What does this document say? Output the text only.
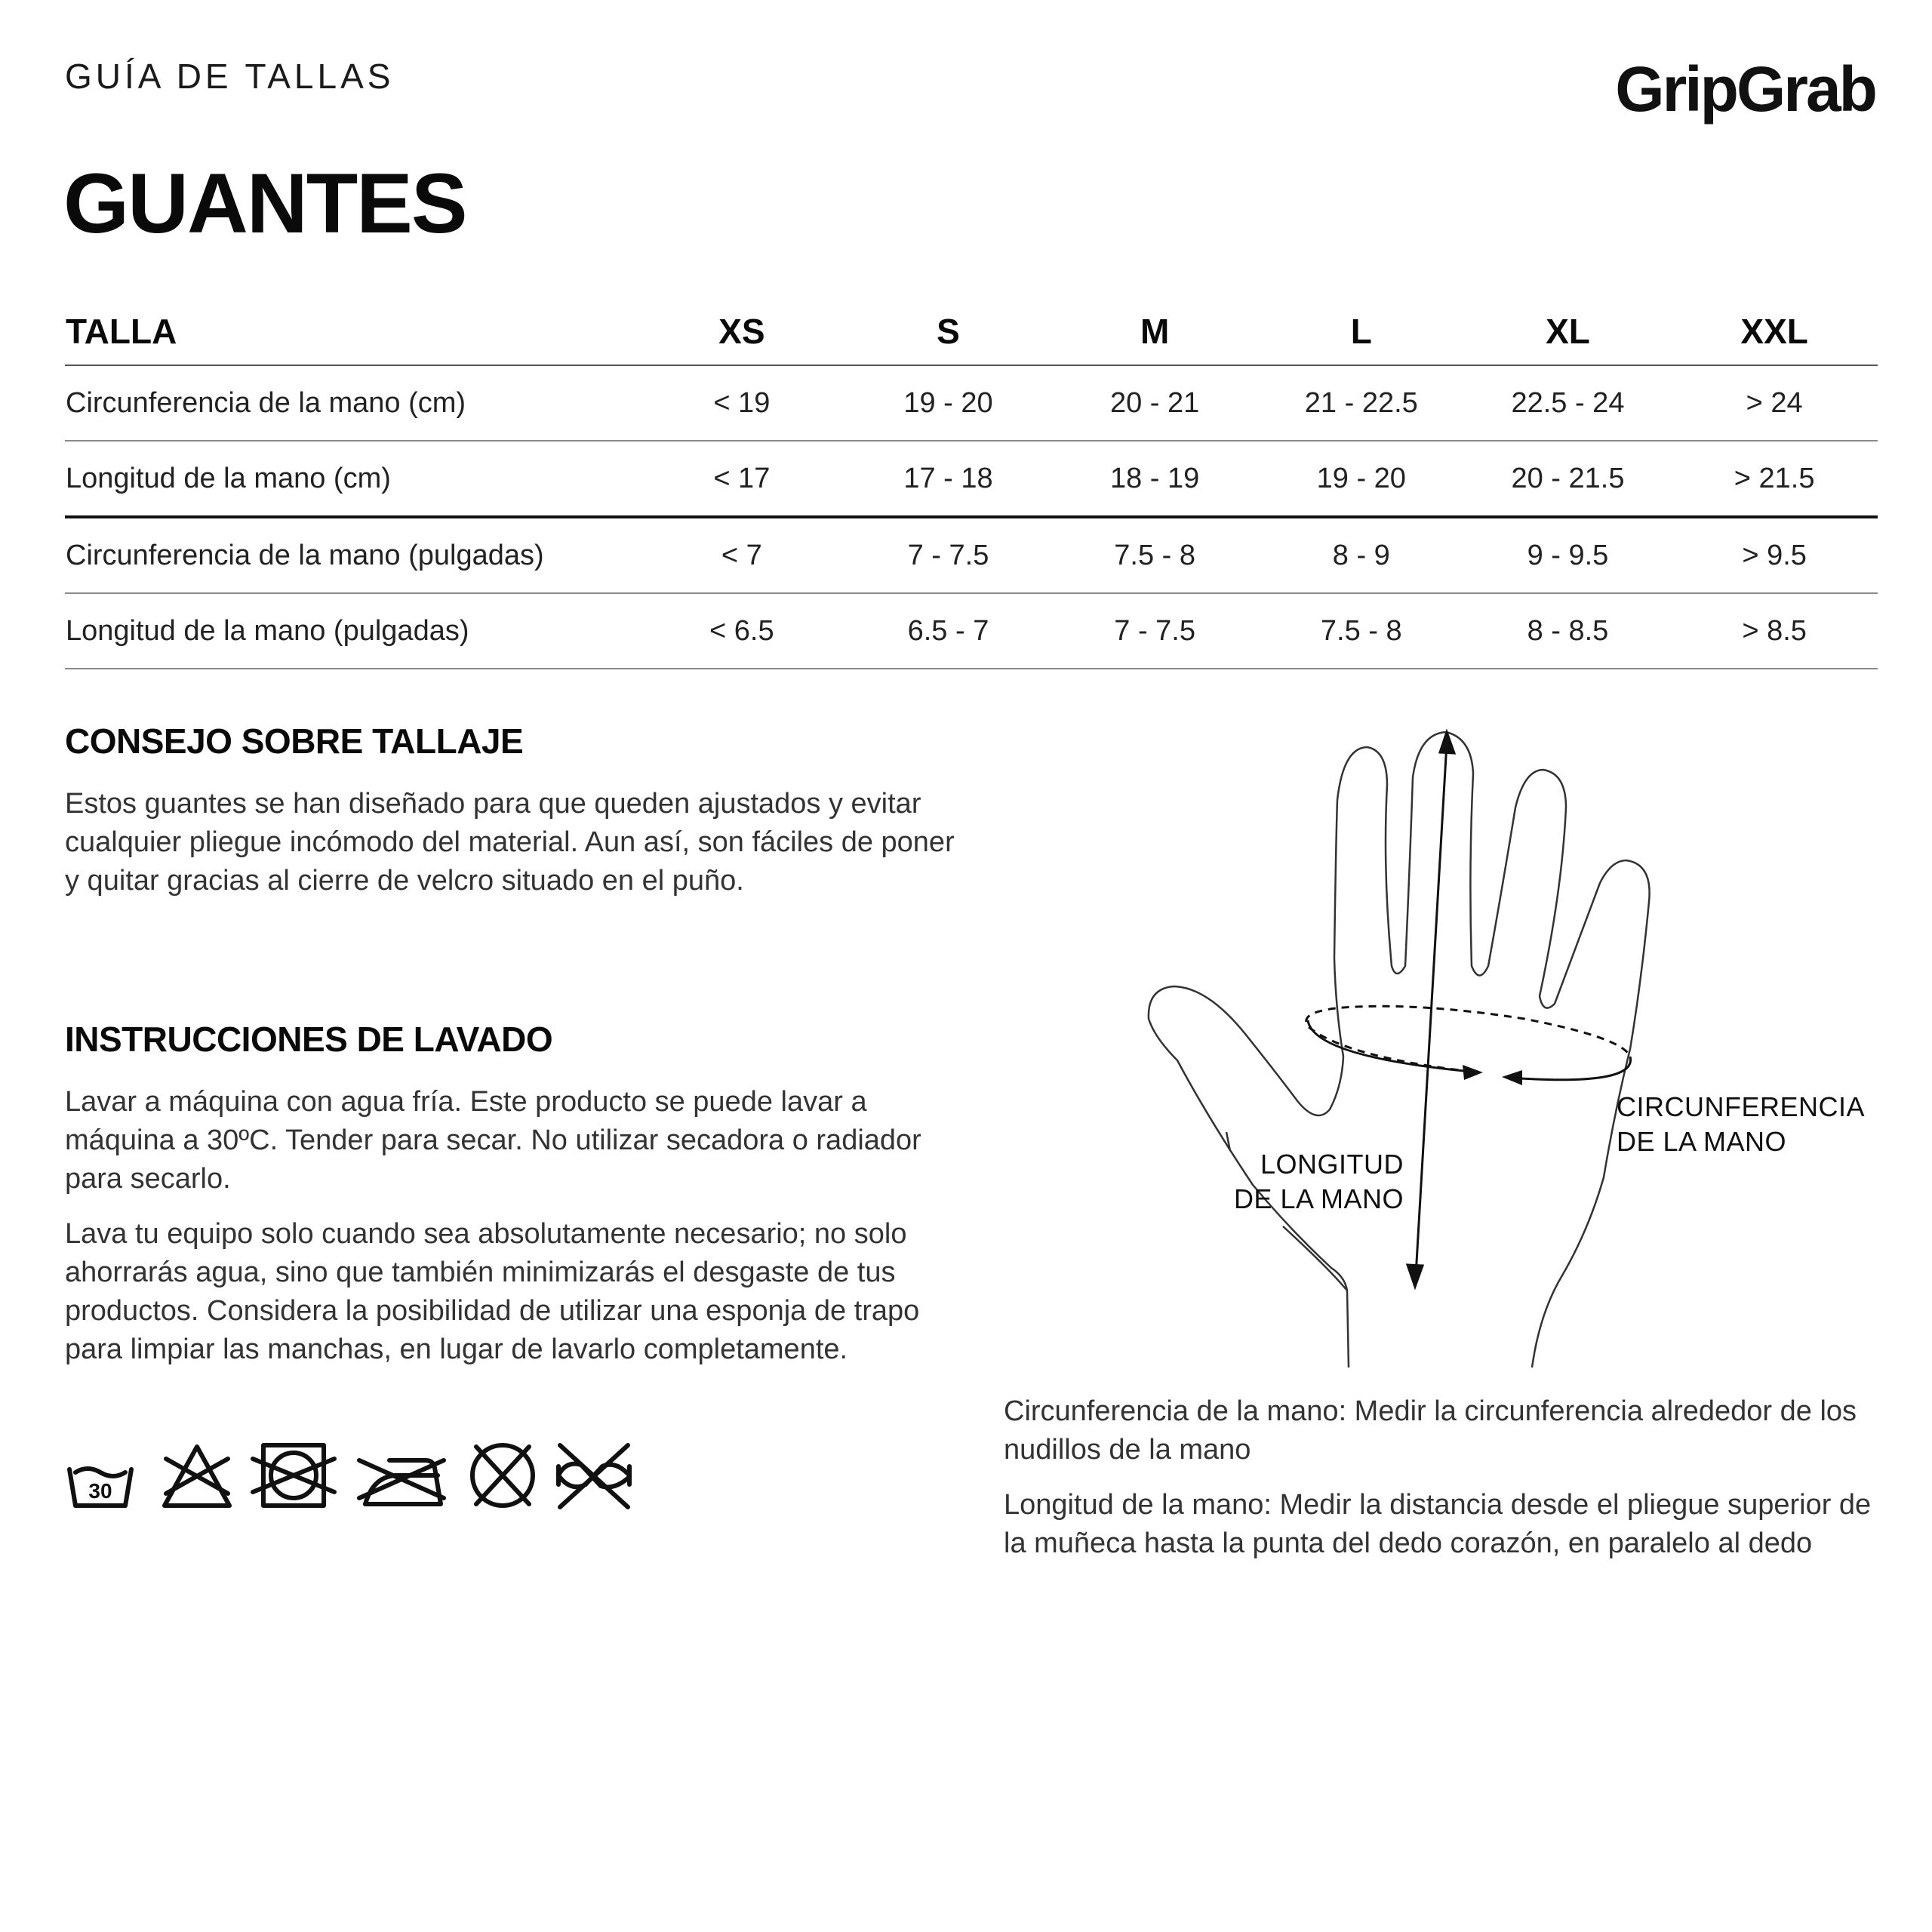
GUÍA DE TALLAS	GripGrab
GUANTES
TALLA	XS	S	M	L	XL	XXL
Circunferencia de la mano (cm)	< 19	19 - 20	20 - 21	21 - 22.5	22.5 - 24	> 24
Longitud de la mano (cm)	< 17	17 - 18	18 - 19	19 - 20	20 - 21.5	> 21.5
Circunferencia de la mano (pulgadas)	< 7	7 - 7.5	7.5 - 8	8 - 9	9 - 9.5	> 9.5
Longitud de la mano (pulgadas)	< 6.5	6.5 - 7	7 - 7.5	7.5 - 8	8 - 8.5	> 8.5
CONSEJO SOBRE TALLAJE

Estos guantes se han diseñado para que queden ajustados y evitar cualquier pliegue incómodo del material. Aun así, son fáciles de poner y quitar gracias al cierre de velcro situado en el puño.

INSTRUCCIONES DE LAVADO

Lavar a máquina con agua fría. Este producto se puede lavar a máquina a 30ºC. Tender para secar. No utilizar secadora o radiador para secarlo.

Lava tu equipo solo cuando sea absolutamente necesario; no solo ahorrarás agua, sino que también minimizarás el desgaste de tus productos. Considera la posibilidad de utilizar una esponja de trapo para limpiar las manchas, en lugar de lavarlo completamente.

30
LONGITUD
DE LA MANO
CIRCUNFERENCIA
DE LA MANO

Circunferencia de la mano: Medir la circunferencia alrededor de los nudillos de la mano

Longitud de la mano: Medir la distancia desde el pliegue superior de la muñeca hasta la punta del dedo corazón, en paralelo al dedo
